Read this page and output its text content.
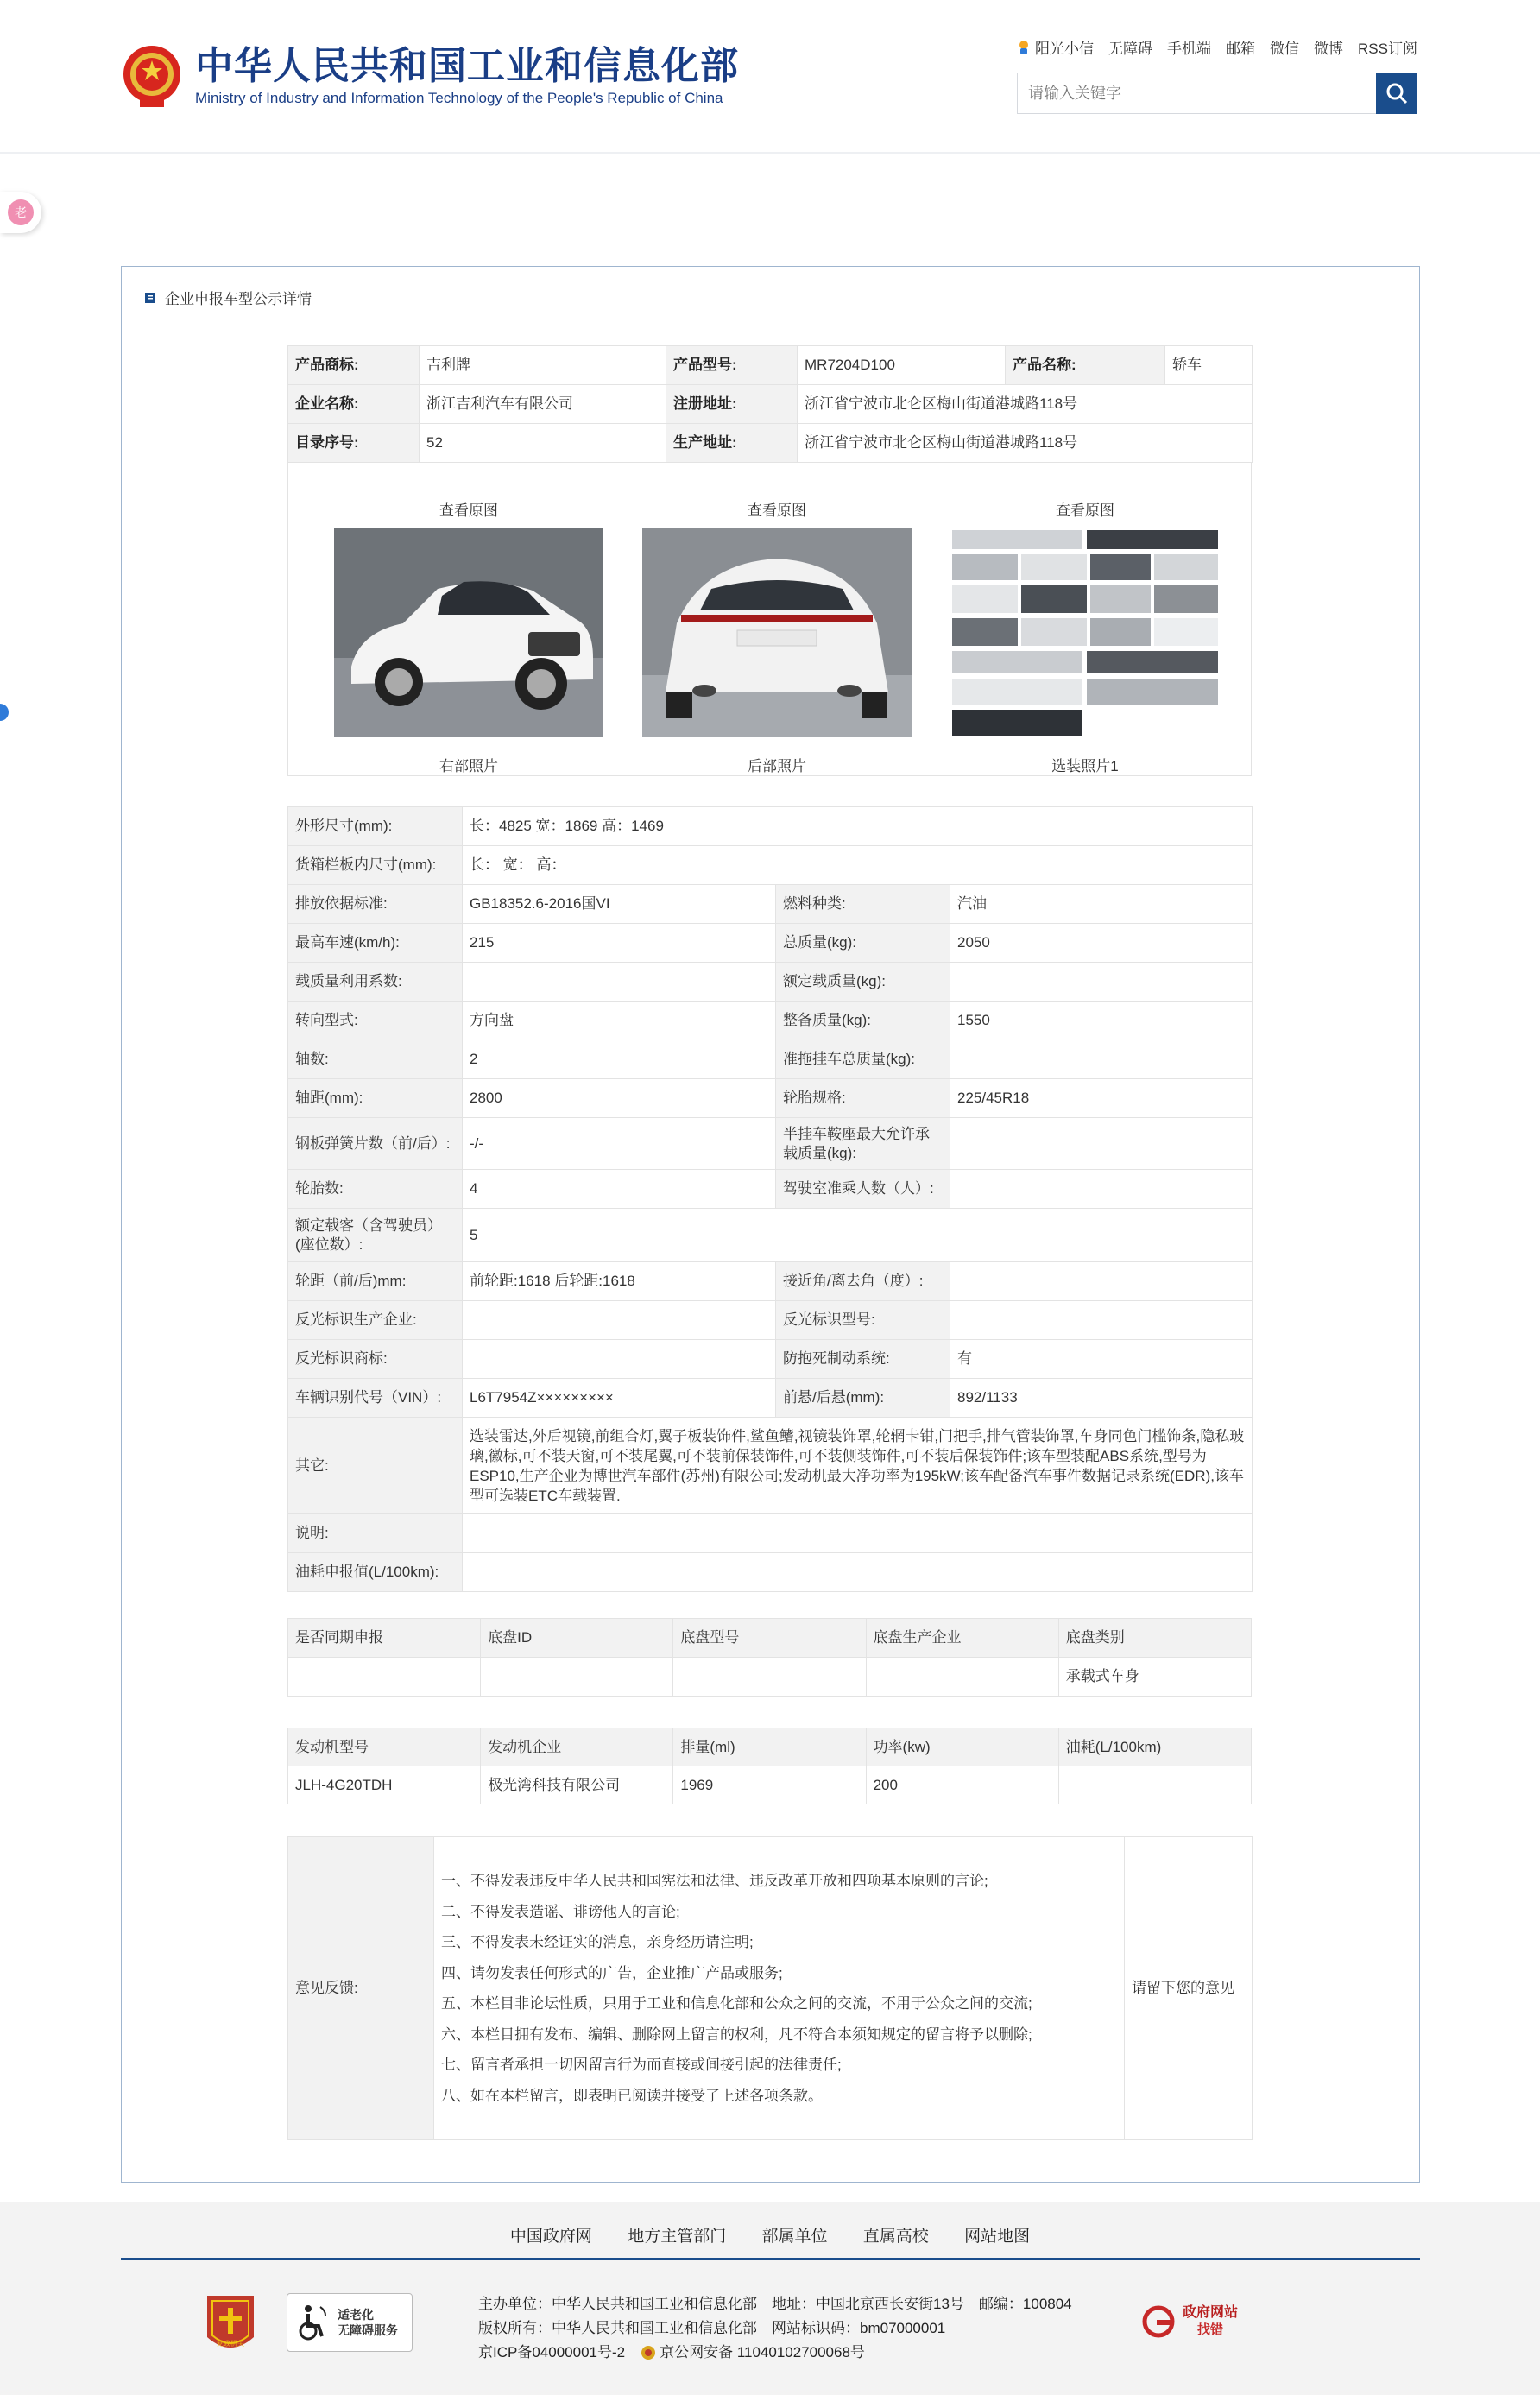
中华人民共和国工业和信息化部
Ministry of Industry and Information Technology of the People's Republic of China
阳光小信 无障碍 手机端 邮箱 微信 微博 RSS订阅
请输入关键字
老
企业申报车型公示详情
产品商标:	吉利牌	产品型号:	MR7204D100	产品名称:	轿车
企业名称:	浙江吉利汽车有限公司	注册地址:	浙江省宁波市北仑区梅山街道港城路118号		
目录序号:	52	生产地址:	浙江省宁波市北仑区梅山街道港城路118号		
查看原图
右部照片
查看原图
后部照片
查看原图
选装照片1
外形尺寸(mm):	长：4825 宽：1869 高：1469		
货箱栏板内尺寸(mm):	长： 宽： 高：		
排放依据标准:	GB18352.6-2016国VI	燃料种类:	汽油
最高车速(km/h):	215	总质量(kg):	2050
载质量利用系数:		额定载质量(kg):	
转向型式:	方向盘	整备质量(kg):	1550
轴数:	2	准拖挂车总质量(kg):	
轴距(mm):	2800	轮胎规格:	225/45R18
钢板弹簧片数（前/后）:	-/-	半挂车鞍座最大允许承载质量(kg):	
轮胎数:	4	驾驶室准乘人数（人）:	
额定载客（含驾驶员）(座位数）:	5		
轮距（前/后)mm:	前轮距:1618 后轮距:1618	接近角/离去角（度）:	
反光标识生产企业:		反光标识型号:	
反光标识商标:		防抱死制动系统:	有
车辆识别代号（VIN）:	L6T7954Z×××××××××	前悬/后悬(mm):	892/1133
其它:	选装雷达,外后视镜,前组合灯,翼子板装饰件,鲨鱼鳍,视镜装饰罩,轮辋卡钳,门把手,排气管装饰罩,车身同色门槛饰条,隐私玻璃,徽标,可不装天窗,可不装尾翼,可不装前保装饰件,可不装侧装饰件,可不装后保装饰件;该车型装配ABS系统,型号为ESP10,生产企业为博世汽车部件(苏州)有限公司;发动机最大净功率为195kW;该车配备汽车事件数据记录系统(EDR),该车型可选装ETC车载装置.		
说明:			
油耗申报值(L/100km):			
是否同期申报	底盘ID	底盘型号	底盘生产企业	底盘类别
				承载式车身
发动机型号	发动机企业	排量(ml)	功率(kw)	油耗(L/100km)
JLH-4G20TDH	极光湾科技有限公司	1969	200	
意见反馈:	
一、不得发表违反中华人民共和国宪法和法律、违反改革开放和四项基本原则的言论;
二、不得发表造谣、诽谤他人的言论;
三、不得发表未经证实的消息，亲身经历请注明;
四、请勿发表任何形式的广告，企业推广产品或服务;
五、本栏目非论坛性质，只用于工业和信息化部和公众之间的交流，不用于公众之间的交流;
六、本栏目拥有发布、编辑、删除网上留言的权利，凡不符合本须知规定的留言将予以删除;
七、留言者承担一切因留言行为而直接或间接引起的法律责任;
八、如在本栏留言，即表明已阅读并接受了上述各项条款。
	请留下您的意见
中国政府网 地方主管部门 部属单位 直属高校 网站地图
党政机关
适老化
无障碍服务
主办单位：中华人民共和国工业和信息化部　地址：中国北京西长安街13号　邮编：100804
版权所有：中华人民共和国工业和信息化部　网站标识码：bm07000001
京ICP备04000001号-2 京公网安备 11040102700068号
政府网站
找错
